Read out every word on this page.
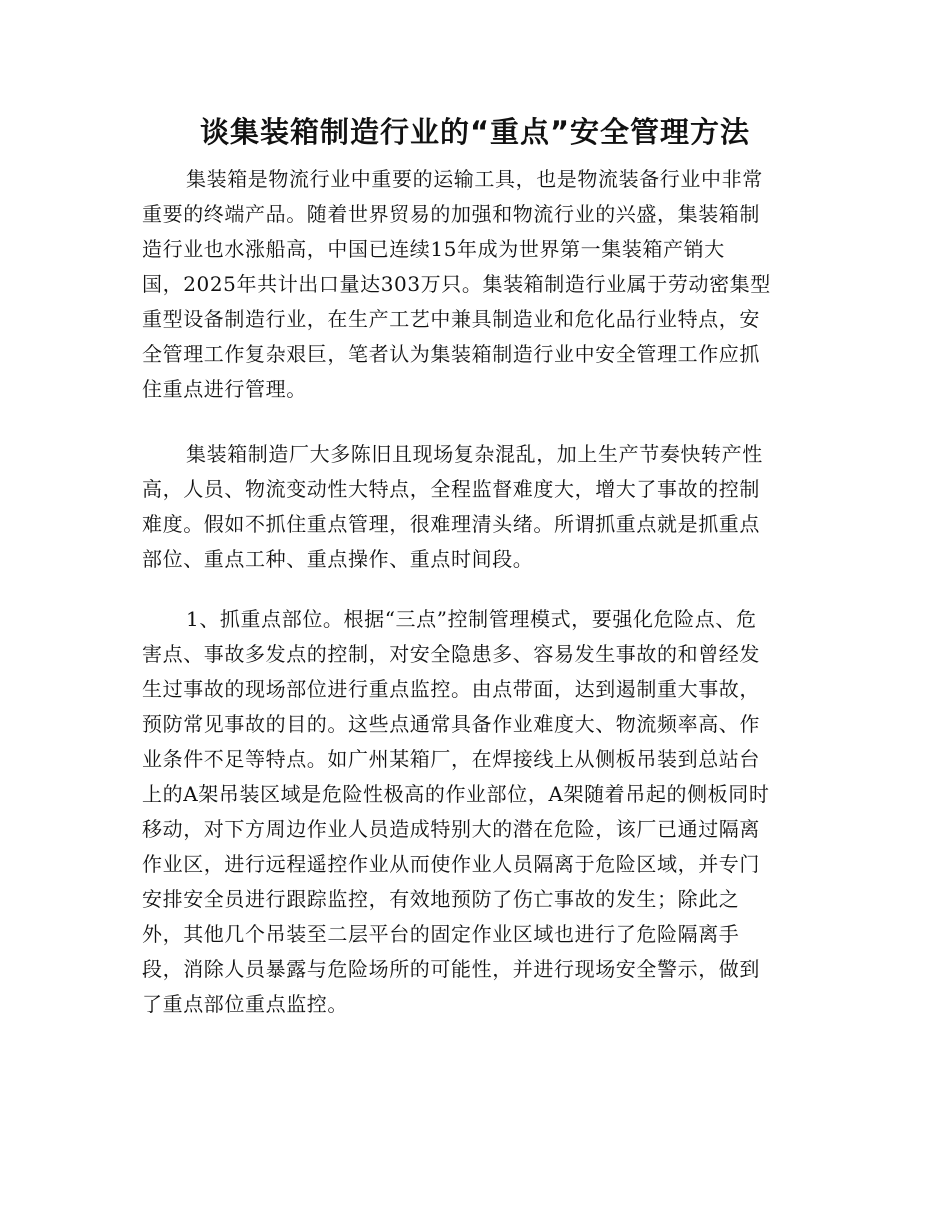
谈集装箱制造行业的“重点”安全管理方法
集装箱是物流行业中重要的运输工具，也是物流装备行业中非常
重要的终端产品。随着世界贸易的加强和物流行业的兴盛，集装箱制
造行业也水涨船高，中国已连续15年成为世界第一集装箱产销大
国，2025年共计出口量达303万只。集装箱制造行业属于劳动密集型
重型设备制造行业，在生产工艺中兼具制造业和危化品行业特点，安
全管理工作复杂艰巨，笔者认为集装箱制造行业中安全管理工作应抓
住重点进行管理。
集装箱制造厂大多陈旧且现场复杂混乱，加上生产节奏快转产性
高，人员、物流变动性大特点，全程监督难度大，增大了事故的控制
难度。假如不抓住重点管理，很难理清头绪。所谓抓重点就是抓重点
部位、重点工种、重点操作、重点时间段。
1、抓重点部位。根据“三点”控制管理模式，要强化危险点、危
害点、事故多发点的控制，对安全隐患多、容易发生事故的和曾经发
生过事故的现场部位进行重点监控。由点带面，达到遏制重大事故，
预防常见事故的目的。这些点通常具备作业难度大、物流频率高、作
业条件不足等特点。如广州某箱厂，在焊接线上从侧板吊装到总站台
上的A架吊装区域是危险性极高的作业部位，A架随着吊起的侧板同时
移动，对下方周边作业人员造成特别大的潜在危险，该厂已通过隔离
作业区，进行远程遥控作业从而使作业人员隔离于危险区域，并专门
安排安全员进行跟踪监控，有效地预防了伤亡事故的发生；除此之
外，其他几个吊装至二层平台的固定作业区域也进行了危险隔离手
段，消除人员暴露与危险场所的可能性，并进行现场安全警示，做到
了重点部位重点监控。
